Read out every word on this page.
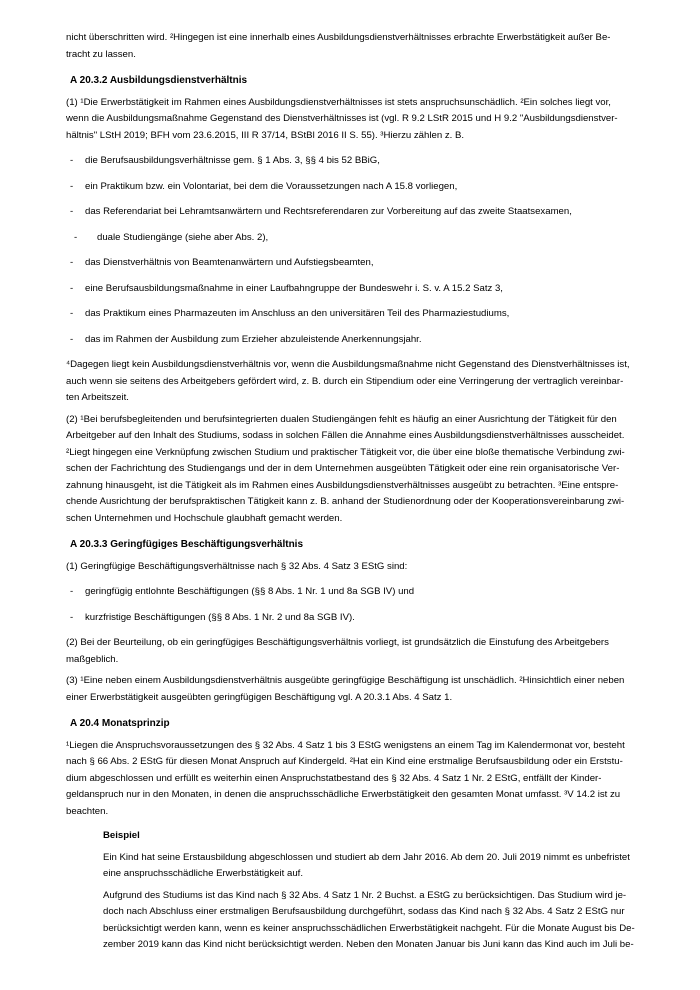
nicht überschritten wird. ²Hingegen ist eine innerhalb eines Ausbildungsdienstverhältnisses erbrachte Erwerbstätigkeit außer Be-
tracht zu lassen.
A 20.3.2 Ausbildungsdienstverhältnis
(1) ¹Die Erwerbstätigkeit im Rahmen eines Ausbildungsdienstverhältnisses ist stets anspruchsunschädlich. ²Ein solches liegt vor,
wenn die Ausbildungsmaßnahme Gegenstand des Dienstverhältnisses ist (vgl. R 9.2 LStR 2015 und H 9.2 "Ausbildungsdienstver-
hältnis" LStH 2019; BFH vom 23.6.2015, III R 37/14, BStBl 2016 II S. 55). ³Hierzu zählen z. B.
-	die Berufsausbildungsverhältnisse gem. § 1 Abs. 3, §§ 4 bis 52 BBiG,
-	ein Praktikum bzw. ein Volontariat, bei dem die Voraussetzungen nach A 15.8 vorliegen,
-	das Referendariat bei Lehramtsanwärtern und Rechtsreferendaren zur Vorbereitung auf das zweite Staatsexamen,
-	duale Studiengänge (siehe aber Abs. 2),
-	das Dienstverhältnis von Beamtenanwärtern und Aufstiegsbeamten,
-	eine Berufsausbildungsmaßnahme in einer Laufbahngruppe der Bundeswehr i. S. v. A 15.2 Satz 3,
-	das Praktikum eines Pharmazeuten im Anschluss an den universitären Teil des Pharmaziestudiums,
-	das im Rahmen der Ausbildung zum Erzieher abzuleistende Anerkennungsjahr.
⁴Dagegen liegt kein Ausbildungsdienstverhältnis vor, wenn die Ausbildungsmaßnahme nicht Gegenstand des Dienstverhältnisses ist,
auch wenn sie seitens des Arbeitgebers gefördert wird, z. B. durch ein Stipendium oder eine Verringerung der vertraglich vereinbar-
ten Arbeitszeit.
(2) ¹Bei berufsbegleitenden und berufsintegrierten dualen Studiengängen fehlt es häufig an einer Ausrichtung der Tätigkeit für den
Arbeitgeber auf den Inhalt des Studiums, sodass in solchen Fällen die Annahme eines Ausbildungsdienstverhältnisses ausscheidet.
²Liegt hingegen eine Verknüpfung zwischen Studium und praktischer Tätigkeit vor, die über eine bloße thematische Verbindung zwi-
schen der Fachrichtung des Studiengangs und der in dem Unternehmen ausgeübten Tätigkeit oder eine rein organisatorische Ver-
zahnung hinausgeht, ist die Tätigkeit als im Rahmen eines Ausbildungsdienstverhältnisses ausgeübt zu betrachten. ³Eine entspre-
chende Ausrichtung der berufspraktischen Tätigkeit kann z. B. anhand der Studienordnung oder der Kooperationsvereinbarung zwi-
schen Unternehmen und Hochschule glaubhaft gemacht werden.
A 20.3.3 Geringfügiges Beschäftigungsverhältnis
(1) Geringfügige Beschäftigungsverhältnisse nach § 32 Abs. 4 Satz 3 EStG sind:
-	geringfügig entlohnte Beschäftigungen (§§ 8 Abs. 1 Nr. 1 und 8a SGB IV) und
-	kurzfristige Beschäftigungen (§§ 8 Abs. 1 Nr. 2 und 8a SGB IV).
(2) Bei der Beurteilung, ob ein geringfügiges Beschäftigungsverhältnis vorliegt, ist grundsätzlich die Einstufung des Arbeitgebers
maßgeblich.
(3) ¹Eine neben einem Ausbildungsdienstverhältnis ausgeübte geringfügige Beschäftigung ist unschädlich. ²Hinsichtlich einer neben
einer Erwerbstätigkeit ausgeübten geringfügigen Beschäftigung vgl. A 20.3.1 Abs. 4 Satz 1.
A 20.4 Monatsprinzip
¹Liegen die Anspruchsvoraussetzungen des § 32 Abs. 4 Satz 1 bis 3 EStG wenigstens an einem Tag im Kalendermonat vor, besteht
nach § 66 Abs. 2 EStG für diesen Monat Anspruch auf Kindergeld. ²Hat ein Kind eine erstmalige Berufsausbildung oder ein Erststu-
dium abgeschlossen und erfüllt es weiterhin einen Anspruchstatbestand des § 32 Abs. 4 Satz 1 Nr. 2 EStG, entfällt der Kinder-
geldanspruch nur in den Monaten, in denen die anspruchsschädliche Erwerbstätigkeit den gesamten Monat umfasst. ³V 14.2 ist zu
beachten.
Beispiel
Ein Kind hat seine Erstausbildung abgeschlossen und studiert ab dem Jahr 2016. Ab dem 20. Juli 2019 nimmt es unbefristet
eine anspruchsschädliche Erwerbstätigkeit auf.
Aufgrund des Studiums ist das Kind nach § 32 Abs. 4 Satz 1 Nr. 2 Buchst. a EStG zu berücksichtigen. Das Studium wird je-
doch nach Abschluss einer erstmaligen Berufsausbildung durchgeführt, sodass das Kind nach § 32 Abs. 4 Satz 2 EStG nur
berücksichtigt werden kann, wenn es keiner anspruchsschädlichen Erwerbstätigkeit nachgeht. Für die Monate August bis De-
zember 2019 kann das Kind nicht berücksichtigt werden. Neben den Monaten Januar bis Juni kann das Kind auch im Juli be-
